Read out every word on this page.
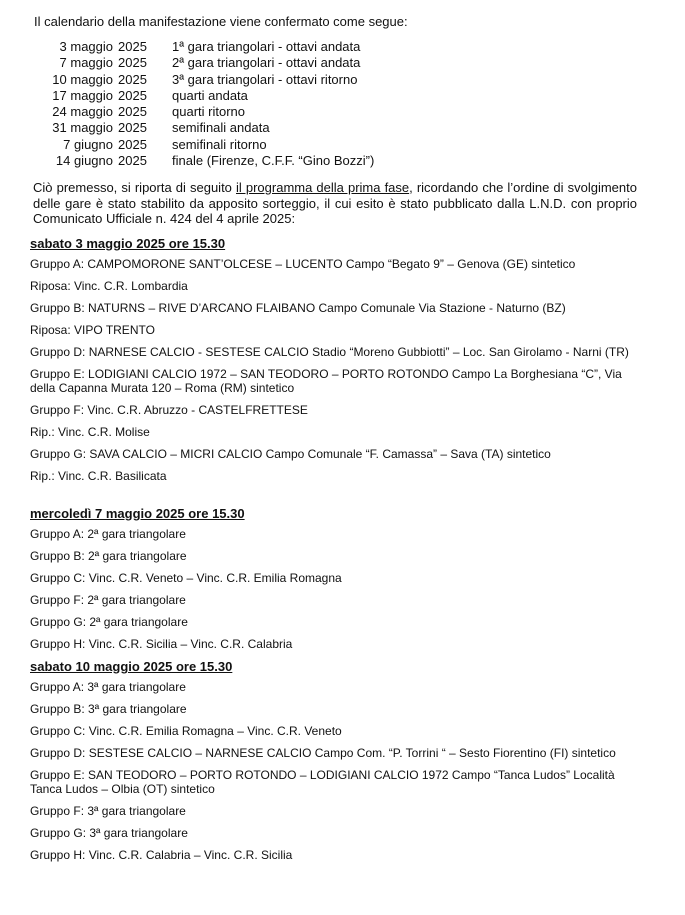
Il calendario della manifestazione viene confermato come segue:
3 maggio 2025 1ª gara triangolari - ottavi andata
7 maggio 2025 2ª gara triangolari - ottavi andata
10 maggio 2025 3ª gara triangolari - ottavi ritorno
17 maggio 2025 quarti andata
24 maggio 2025 quarti ritorno
31 maggio 2025 semifinali andata
7 giugno 2025 semifinali ritorno
14 giugno 2025 finale (Firenze, C.F.F. “Gino Bozzi”)
Ciò premesso, si riporta di seguito il programma della prima fase, ricordando che l’ordine di svolgimento delle gare è stato stabilito da apposito sorteggio, il cui esito è stato pubblicato dalla L.N.D. con proprio Comunicato Ufficiale n. 424 del 4 aprile 2025:
sabato 3 maggio 2025 ore 15.30
Gruppo A: CAMPOMORONE SANT’OLCESE – LUCENTO Campo “Begato 9” – Genova (GE) sintetico
Riposa: Vinc. C.R. Lombardia
Gruppo B: NATURNS – RIVE D’ARCANO FLAIBANO Campo Comunale Via Stazione - Naturno (BZ)
Riposa: VIPO TRENTO
Gruppo D: NARNESE CALCIO - SESTESE CALCIO Stadio “Moreno Gubbiotti” – Loc. San Girolamo - Narni (TR)
Gruppo E: LODIGIANI CALCIO 1972 – SAN TEODORO – PORTO ROTONDO Campo La Borghesiana “C”, Via della Capanna Murata 120 – Roma (RM) sintetico
Gruppo F: Vinc. C.R. Abruzzo - CASTELFRETTESE
Rip.: Vinc. C.R. Molise
Gruppo G: SAVA CALCIO – MICRI CALCIO Campo Comunale “F. Camassa” – Sava (TA) sintetico
Rip.: Vinc. C.R. Basilicata
mercoledì 7 maggio 2025 ore 15.30
Gruppo A: 2ª gara triangolare
Gruppo B: 2ª gara triangolare
Gruppo C: Vinc. C.R. Veneto – Vinc. C.R. Emilia Romagna
Gruppo F: 2ª gara triangolare
Gruppo G: 2ª gara triangolare
Gruppo H: Vinc. C.R. Sicilia – Vinc. C.R. Calabria
sabato 10 maggio 2025 ore 15.30
Gruppo A: 3ª gara triangolare
Gruppo B: 3ª gara triangolare
Gruppo C: Vinc. C.R. Emilia Romagna – Vinc. C.R. Veneto
Gruppo D: SESTESE CALCIO – NARNESE CALCIO Campo Com. “P. Torrini “ – Sesto Fiorentino (FI) sintetico
Gruppo E: SAN TEODORO – PORTO ROTONDO – LODIGIANI CALCIO 1972 Campo “Tanca Ludos” Località Tanca Ludos – Olbia (OT) sintetico
Gruppo F: 3ª gara triangolare
Gruppo G: 3ª gara triangolare
Gruppo H: Vinc. C.R. Calabria – Vinc. C.R. Sicilia
